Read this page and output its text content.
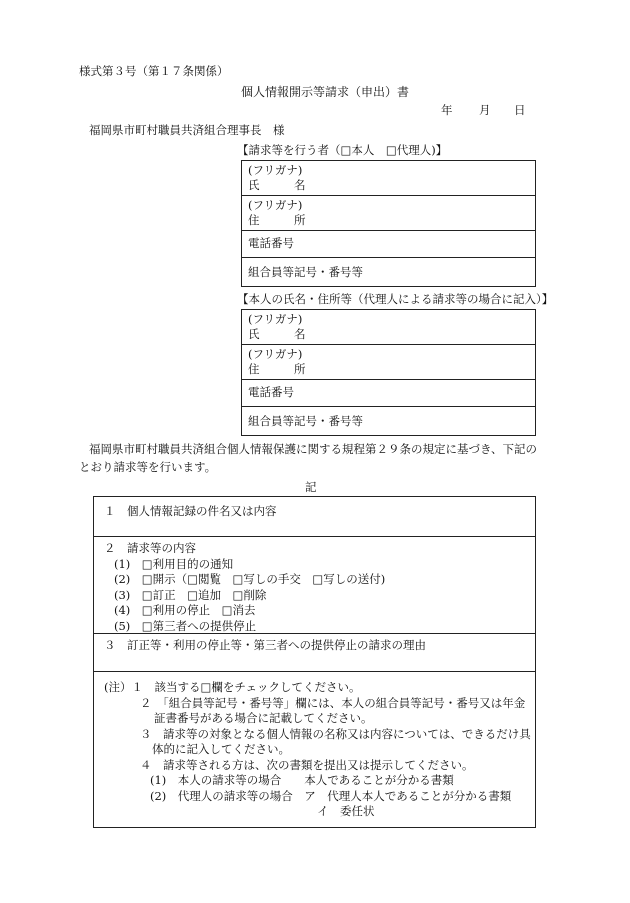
様式第３号（第１７条関係）
個人情報開示等請求（申出）書
年 月 日
福岡県市町村職員共済組合理事長　様
【請求等を行う者（□本人　□代理人)】
(フリガナ)
氏　　　名
(フリガナ)
住　　　所
電話番号
組合員等記号・番号等
【本人の氏名・住所等（代理人による請求等の場合に記入）】
(フリガナ)
氏　　　名
(フリガナ)
住　　　所
電話番号
組合員等記号・番号等
福岡県市町村職員共済組合個人情報保護に関する規程第２９条の規定に基づき、下記の
とおり請求等を行います。
記
１　個人情報記録の件名又は内容
２　請求等の内容
(1)　□利用目的の通知
(2)　□開示（□閲覧　□写しの手交　□写しの送付)
(3)　□訂正　□追加　□削除
(4)　□利用の停止　□消去
(5)　□第三者への提供停止
３　訂正等・利用の停止等・第三者への提供停止の請求の理由
(注）１　該当する□欄をチェックしてください。
２　「組合員等記号・番号等」欄には、本人の組合員等記号・番号又は年金
証書番号がある場合に記載してください。
３　請求等の対象となる個人情報の名称又は内容については、できるだけ具
体的に記入してください。
４　請求等される方は、次の書類を提出又は提示してください。
(1)　本人の請求等の場合　　本人であることが分かる書類
(2)　代理人の請求等の場合　ア　代理人本人であることが分かる書類
イ　委任状
